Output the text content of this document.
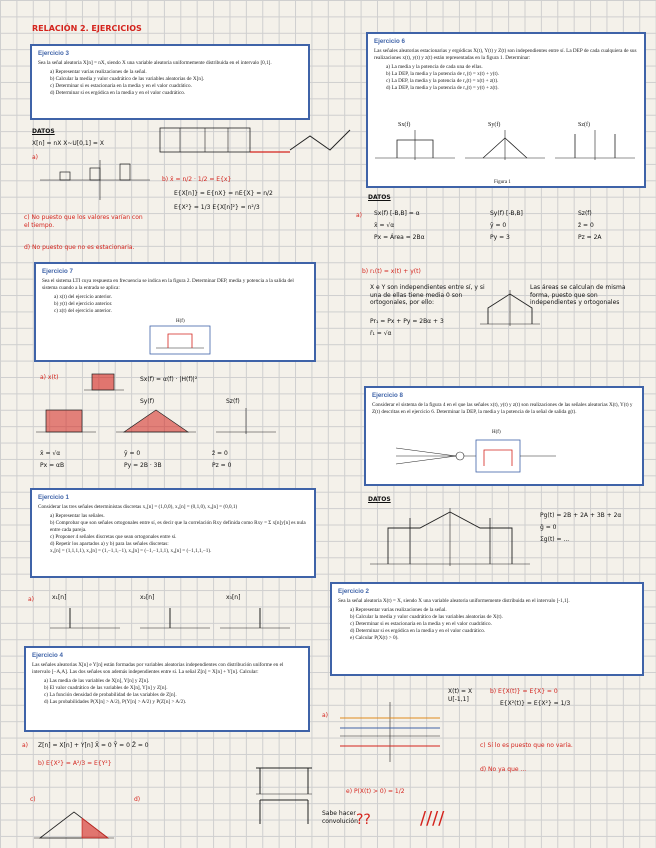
RELACIÓN 2. EJERCICIOS
Ejercicio 3

Sea la señal aleatoria X[n] = nX, siendo X una variable aleatoria uniformemente distribuida en el intervalo [0,1].

a) Representar varias realizaciones de la señal.
b) Calcular la media y valor cuadrático de las variables aleatorias de X[n].
c) Determinar si es estacionaria en la media y en el valor cuadrático.
d) Determinar si es ergódica en la media y en el valor cuadrático.
Ejercicio 6

Las señales aleatorias estacionarias y ergódicas X(t), Y(t) y Z(t) son independientes entre sí. La DEP de cada cualquiera de sus realizaciones x(t), y(t) y z(t) están representadas en la figura 1. Determinar:

a) La media y la potencia de cada una de ellas.
b) La DEP, la media y la potencia de r₁(t) = x(t) + y(t).
c) La DEP, la media y la potencia de r₂(t) = x(t) + z(t).
d) La DEP, la media y la potencia de r₃(t) = y(t) + z(t).
Sx(f)	Sy(f)	Sz(f)
Figura 1
DATOS
X[n] = nX X~U[0,1] = X
a)
b) x̄ = n/2 · 1/2 = E{x}
E{X[n]} = E{nX} = nE{X} = n/2
E{X²} = 1/3 E{X[n]²} = n²/3
c) No puesto que los valores varían con el tiempo.
d) No puesto que no es estacionaria.
DATOS
a) Sx(f) [-B,B] = α	Sy(f) [-B,B]	Sz(f)
x̄ = √α	ȳ = 0	z̄ = 0
Px = Área = 2Bα	Py = 3	Pz = 2A
b) r₁(t) = x(t) + y(t)
X e Y son independientes entre sí, y si una de ellas tiene media 0 son ortogonales, por ello:
Pr₁ = Px + Py = 2Bα + 3
r̄₁ = √α
Las áreas se calculan de misma forma, puesto que son independientes y ortogonales
Ejercicio 7

Sea el sistema LTI cuya respuesta en frecuencia se indica en la figura 2. Determinar DEP, media y potencia a la salida del sistema cuando a la entrada se aplica:

a) x(t) del ejercicio anterior.
b) y(t) del ejercicio anterior.
c) z(t) del ejercicio anterior.
H(f)
a) x(t)	Sx(f) = α(f) · |H(f)|²
Sy(f)	Sz(f)
x̄ = √α
Px = αB
ȳ = 0
Py = 2B · 3B
z̄ = 0
Pz = 0
Ejercicio 8

Considerar el sistema de la figura 4 en el que las señales x(t), y(t) y z(t) son realizaciones de las señales aleatorias X(t), Y(t) y Z(t) descritas en el ejercicio 6. Determinar la DEP, la media y la potencia de la señal de salida g(t).

H(f)
DATOS
Pg(t) = 2B + 2A + 3B + 2α
ḡ = 0
Σg(t) = ...
Ejercicio 1

Considerar las tres señales deterministas discretas x₁[n] = (1,0,0), x₂[n] = (0,1,0), x₃[n] = (0,0,1)

a) Representar las señales.
b) Comprobar que son señales ortogonales entre sí, es decir que la correlación Rxy definida como Rxy = Σ x[n]y[n] es nula entre cada pareja.
c) Proponer 4 señales discretas que sean ortogonales entre sí.
d) Repetir los apartados a) y b) para las señales discretas:

x₁[n] = (1,1,1,1), x₂[n] = (1,−1,1,−1), x₃[n] = (−1,−1,1,1), x₄[n] = (−1,1,1,−1).

a)	x₁[n]	x₂[n]	x₃[n]
Ejercicio 2

Sea la señal aleatoria X(t) = X, siendo X una variable aleatoria uniformemente distribuida en el intervalo [-1,1].

a) Representar varias realizaciones de la señal.
b) Calcular la media y valor cuadrático de las variables aleatorias de X(t).
c) Determinar si es estacionaria en la media y en el valor cuadrático.
d) Determinar si es ergódica en la media y en el valor cuadrático.
e) Calcular P(X(t) > 0).
Ejercicio 4

Las señales aleatorias X[n] e Y[n] están formadas por variables aleatorias independientes con distribución uniforme en el intervalo [−A,A]. Las dos señales son además independientes entre sí. La señal Z[n] = X[n] + Y[n]. Calcular:

a) Las media de las variables de X[n], Y[n] y Z[n].
b) El valor cuadrático de las variables de X[n], Y[n] y Z[n].
c) La función densidad de probabilidad de las variables de Z[n].
d) Las probabilidades P(X[n] > A/2), P(Y[n] > A/2) y P(Z[n] > A/2).
X(t) = X U[-1,1]
b) E{X(t)} = E{X} = 0
E{X²(t)} = E{X²} = 1/3
a)
c) Sí lo es puesto que no varía.
d) No ya que ...
e) P(X(t) > 0) = 1/2
??	////
a) Z[n] = X[n] + Y[n] X̄ = 0 Ȳ = 0 Z̄ = 0
b) E{X²} = A²/3 = E{Y²}
c)	d)
Sabe hacer convolución
